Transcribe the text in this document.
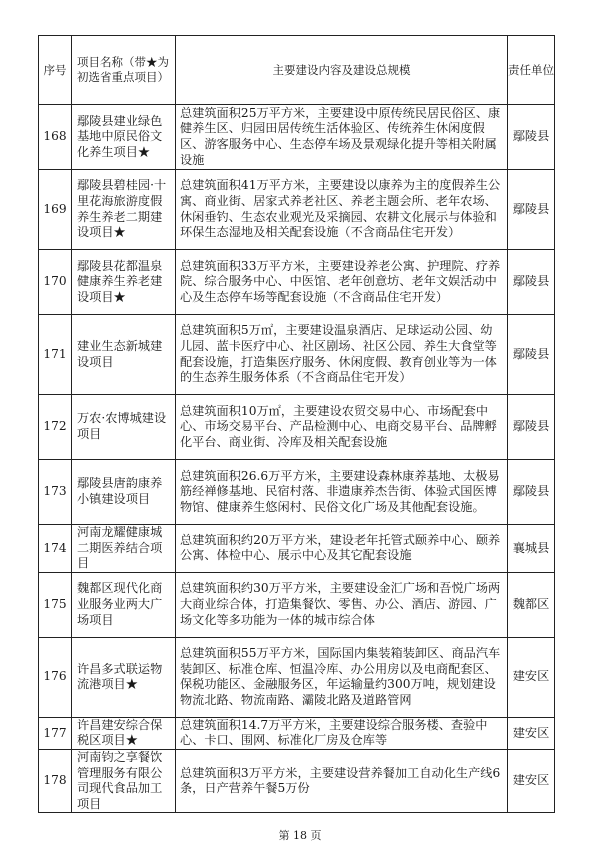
序号	项目名称（带★为初选省重点项目）	主要建设内容及建设总规模	责任单位
168	鄢陵县建业绿色基地中原民俗文化养生项目★	总建筑面积25万平方米，主要建设中原传统民居民俗区、康健养生区、归园田居传统生活体验区、传统养生休闲度假区、游客服务中心、生态停车场及景观绿化提升等相关附属设施	鄢陵县
169	鄢陵县碧桂园·十里花海旅游度假养生养老二期建设项目★	总建筑面积41万平方米，主要建设以康养为主的度假养生公寓、商业街、居家式养老社区、养老主题会所、老年农场、休闲垂钓、生态农业观光及采摘园、农耕文化展示与体验和环保生态湿地及相关配套设施（不含商品住宅开发）	鄢陵县
170	鄢陵县花都温泉健康养生养老建设项目★	总建筑面积33万平方米，主要建设养老公寓、护理院、疗养院、综合服务中心、中医馆、老年创意坊、老年文娱活动中心及生态停车场等配套设施（不含商品住宅开发）	鄢陵县
171	建业生态新城建设项目	总建筑面积5万㎡，主要建设温泉酒店、足球运动公园、幼儿园、蓝卡医疗中心、社区剧场、社区公园、养生大食堂等配套设施，打造集医疗服务、休闲度假、教育创业等为一体的生态养生服务体系（不含商品住宅开发）	鄢陵县
172	万农·农博城建设项目	总建筑面积10万㎡，主要建设农贸交易中心、市场配套中心、市场交易平台、产品检测中心、电商交易平台、品牌孵化平台、商业街、冷库及相关配套设施	鄢陵县
173	鄢陵县唐韵康养小镇建设项目	总建筑面积26.6万平方米，主要建设森林康养基地、太极易筋经禅修基地、民宿村落、非遗康养杰告街、体验式国医博物馆、健康养生悠闲村、民俗文化广场及其他配套设施。	鄢陵县
174	河南龙耀健康城二期医养结合项目	总建筑面积约20万平方米，建设老年托管式颐养中心、颐养公寓、体检中心、展示中心及其它配套设施	襄城县
175	魏都区现代化商业服务业两大广场项目	总建筑面积约30万平方米，主要建设金汇广场和吾悦广场两大商业综合体，打造集餐饮、零售、办公、酒店、游园、广场文化等多功能为一体的城市综合体	魏都区
176	许昌多式联运物流港项目★	总建筑面积55万平方米，国际国内集装箱装卸区、商品汽车装卸区、标准仓库、恒温冷库、办公用房以及电商配套区、保税功能区、金融服务区，年运输量约300万吨，规划建设物流北路、物流南路、灞陵北路及道路管网	建安区
177	许昌建安综合保税区项目★	总建筑面积14.7万平方米，主要建设综合服务楼、查验中心、卡口、围网、标准化厂房及仓库等	建安区
178	河南钧之享餐饮管理服务有限公司现代食品加工项目	总建筑面积3万平方米，主要建设营养餐加工自动化生产线6条，日产营养午餐5万份	建安区
第 18 页
